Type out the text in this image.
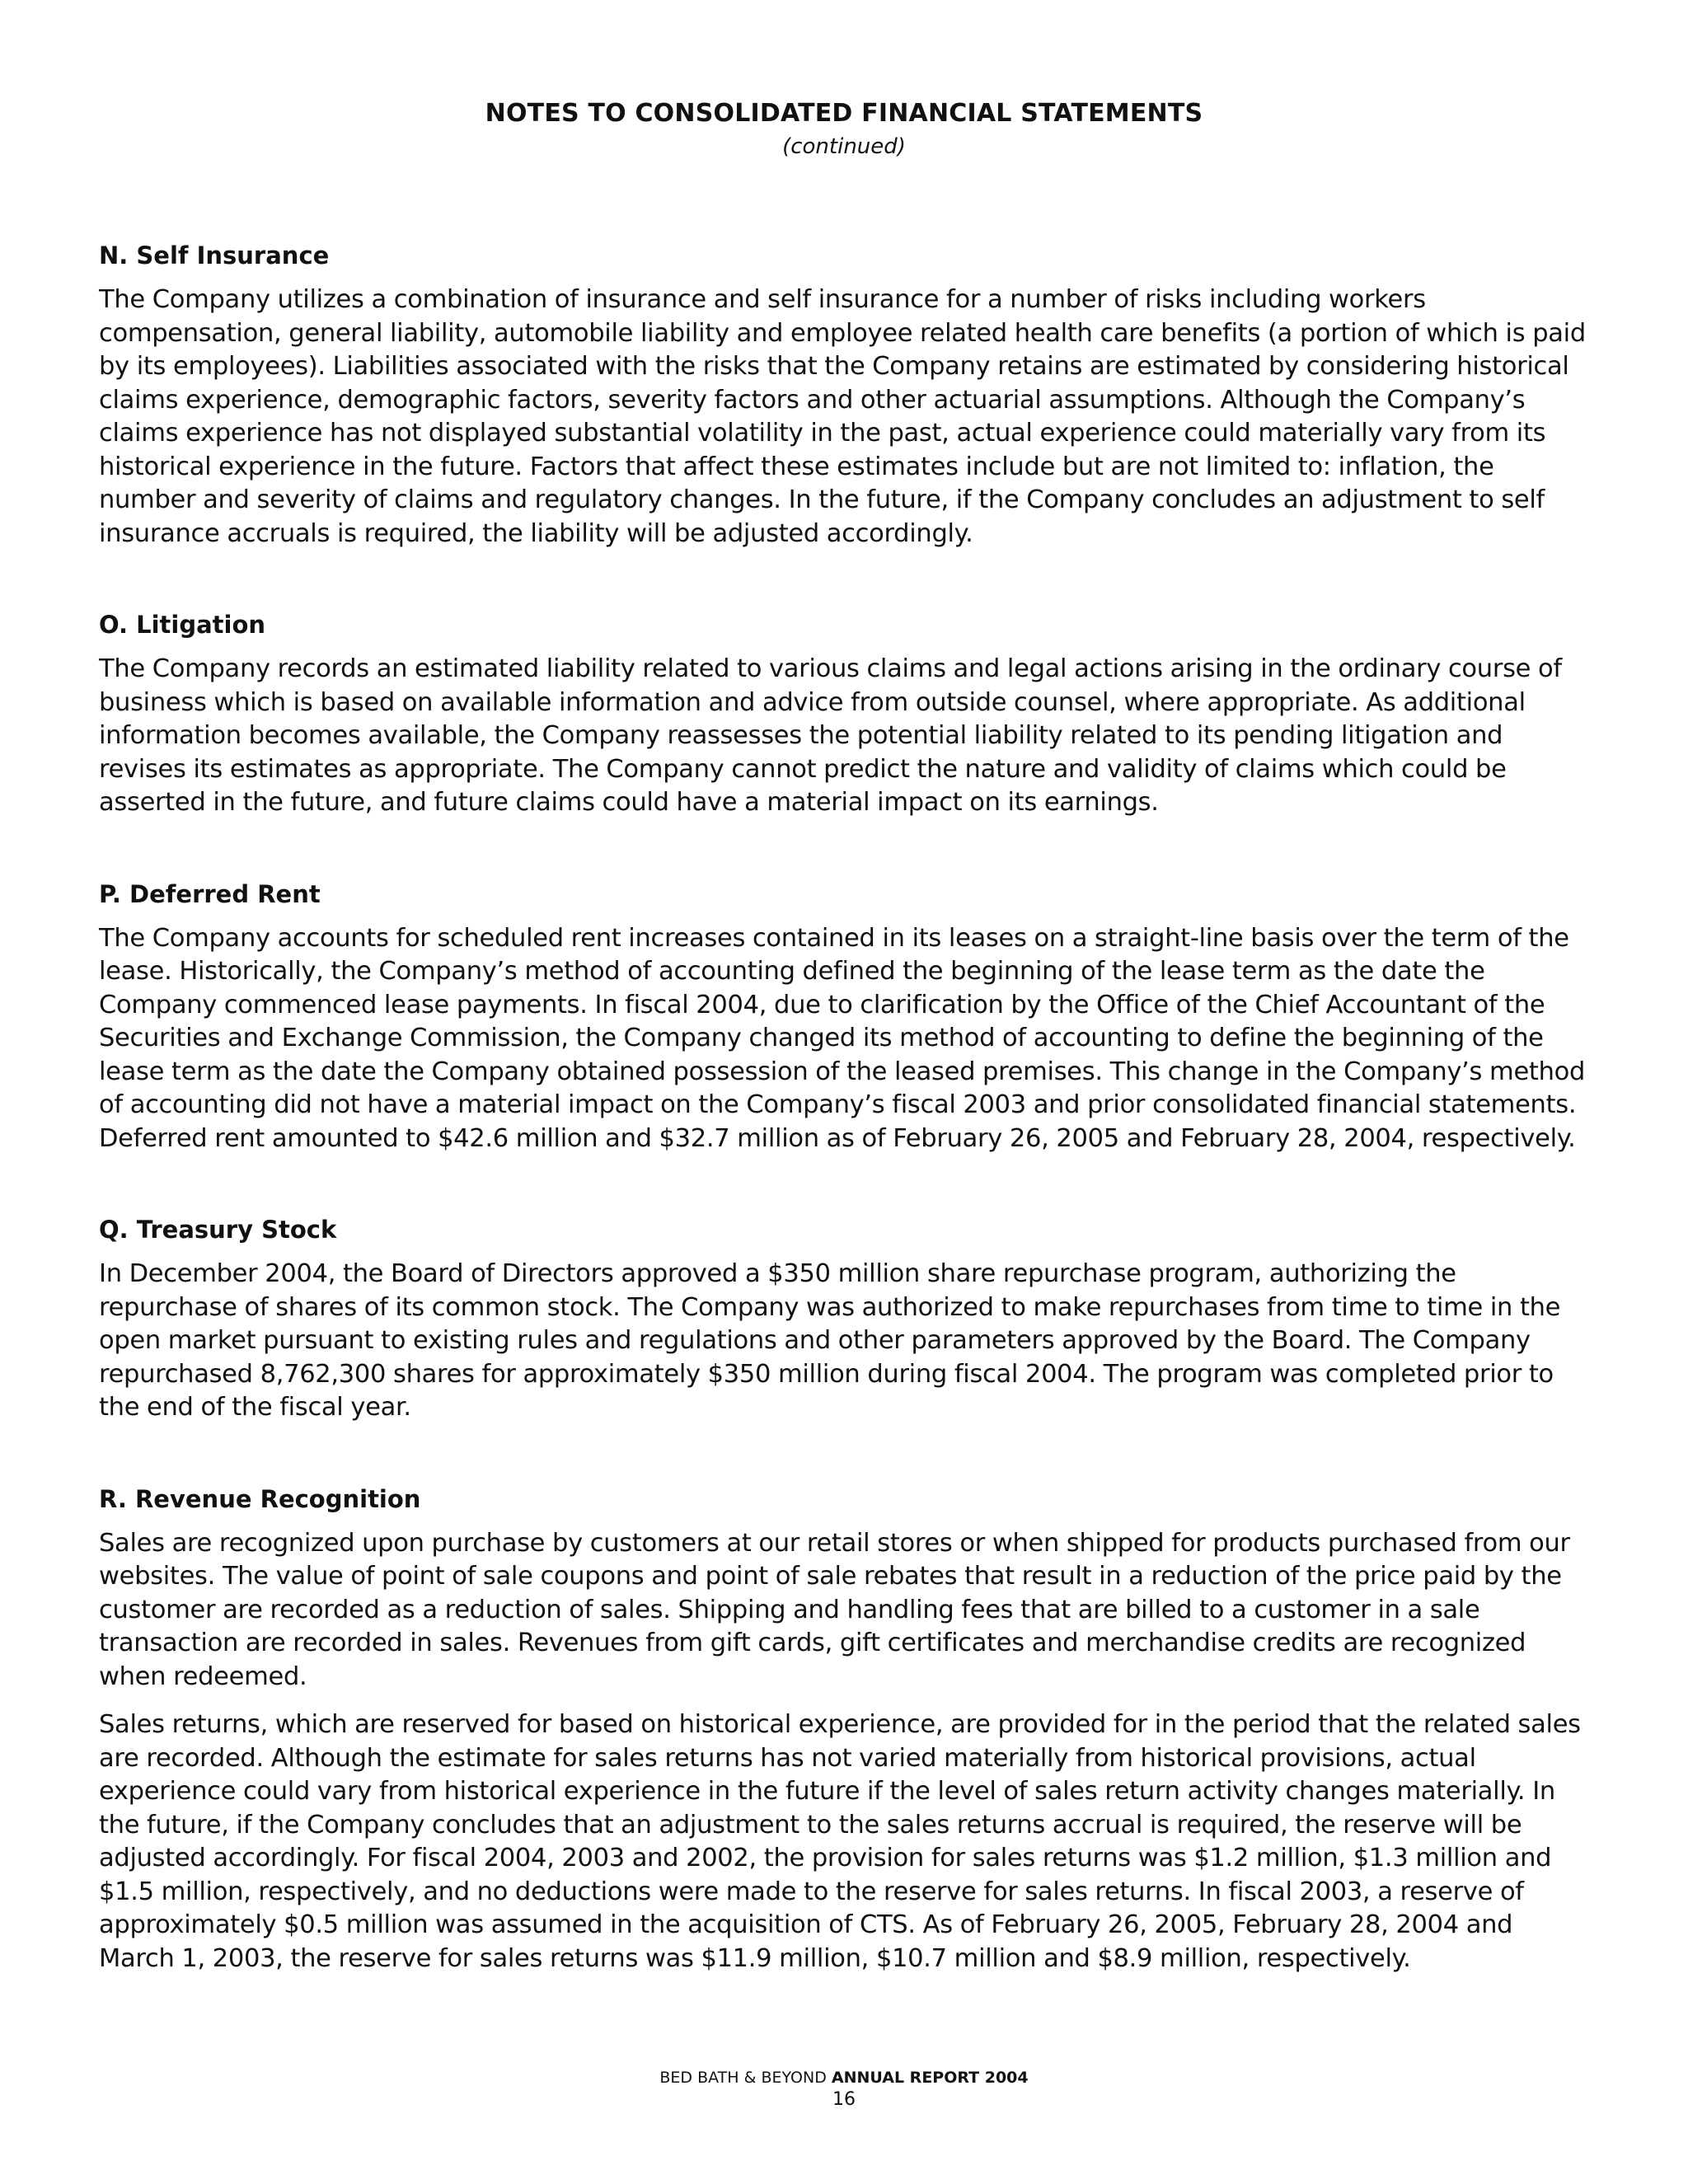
NOTES TO CONSOLIDATED FINANCIAL STATEMENTS
(continued)
N. Self Insurance

The Company utilizes a combination of insurance and self insurance for a number of risks including workers compensation, general liability, automobile liability and employee related health care benefits (a portion of which is paid by its employees). Liabilities associated with the risks that the Company retains are estimated by considering historical claims experience, demographic factors, severity factors and other actuarial assumptions. Although the Company’s claims experience has not displayed substantial volatility in the past, actual experience could materially vary from its historical experience in the future. Factors that affect these estimates include but are not limited to: inflation, the number and severity of claims and regulatory changes. In the future, if the Company concludes an adjustment to self insurance accruals is required, the liability will be adjusted accordingly.

O. Litigation

The Company records an estimated liability related to various claims and legal actions arising in the ordinary course of business which is based on available information and advice from outside counsel, where appropriate. As additional information becomes available, the Company reassesses the potential liability related to its pending litigation and revises its estimates as appropriate. The Company cannot predict the nature and validity of claims which could be asserted in the future, and future claims could have a material impact on its earnings.

P. Deferred Rent

The Company accounts for scheduled rent increases contained in its leases on a straight-line basis over the term of the lease. Historically, the Company’s method of accounting defined the beginning of the lease term as the date the Company commenced lease payments. In fiscal 2004, due to clarification by the Office of the Chief Accountant of the Securities and Exchange Commission, the Company changed its method of accounting to define the beginning of the lease term as the date the Company obtained possession of the leased premises. This change in the Company’s method of accounting did not have a material impact on the Company’s fiscal 2003 and prior consolidated financial statements. Deferred rent amounted to $42.6 million and $32.7 million as of February 26, 2005 and February 28, 2004, respectively.

Q. Treasury Stock

In December 2004, the Board of Directors approved a $350 million share repurchase program, authorizing the repurchase of shares of its common stock. The Company was authorized to make repurchases from time to time in the open market pursuant to existing rules and regulations and other parameters approved by the Board. The Company repurchased 8,762,300 shares for approximately $350 million during fiscal 2004. The program was completed prior to the end of the fiscal year.

R. Revenue Recognition

Sales are recognized upon purchase by customers at our retail stores or when shipped for products purchased from our websites. The value of point of sale coupons and point of sale rebates that result in a reduction of the price paid by the customer are recorded as a reduction of sales. Shipping and handling fees that are billed to a customer in a sale transaction are recorded in sales. Revenues from gift cards, gift certificates and merchandise credits are recognized when redeemed.

Sales returns, which are reserved for based on historical experience, are provided for in the period that the related sales are recorded. Although the estimate for sales returns has not varied materially from historical provisions, actual experience could vary from historical experience in the future if the level of sales return activity changes materially. In the future, if the Company concludes that an adjustment to the sales returns accrual is required, the reserve will be adjusted accordingly. For fiscal 2004, 2003 and 2002, the provision for sales returns was $1.2 million, $1.3 million and $1.5 million, respectively, and no deductions were made to the reserve for sales returns. In fiscal 2003, a reserve of approximately $0.5 million was assumed in the acquisition of CTS. As of February 26, 2005, February 28, 2004 and March 1, 2003, the reserve for sales returns was $11.9 million, $10.7 million and $8.9 million, respectively.

BED BATH & BEYOND ANNUAL REPORT 2004
16
